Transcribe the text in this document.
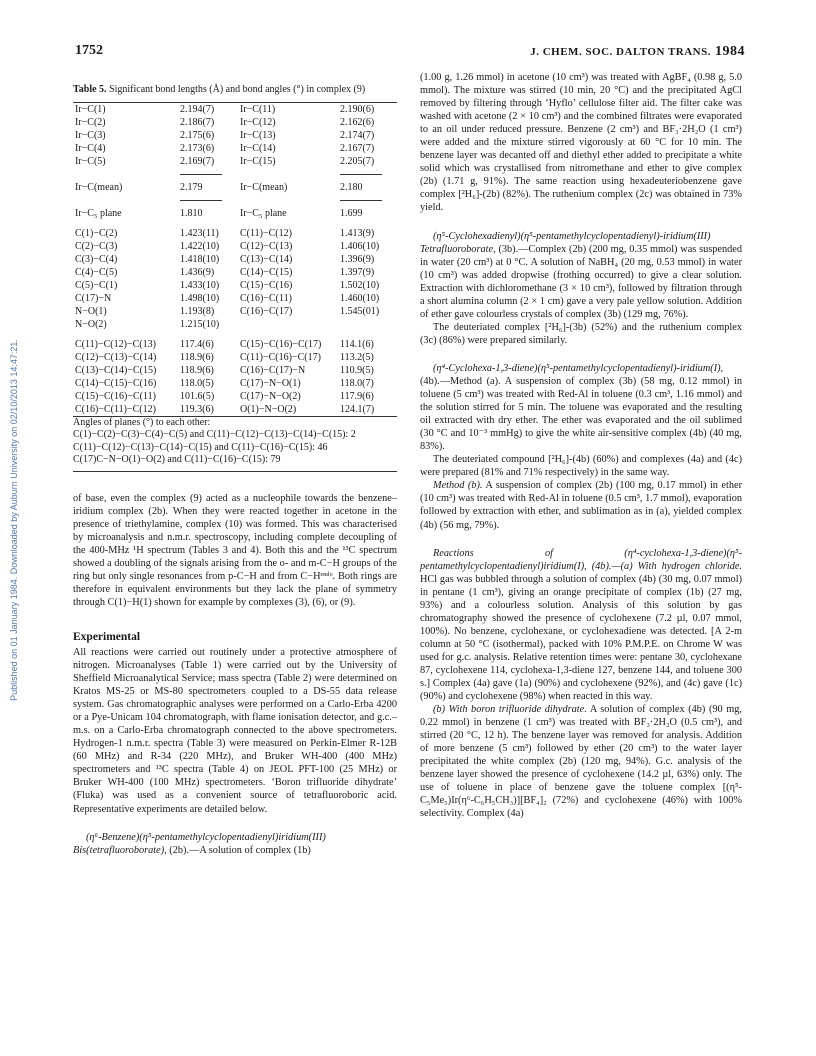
1752	J. CHEM. SOC. DALTON TRANS. 1984
Published on 01 January 1984. Downloaded by Auburn University on 02/10/2013 14:47:21.

Table 5. Significant bond lengths (Å) and bond angles (°) in complex (9)

Ir−C(1)	2.194(7)	Ir−C(11)	2.190(6)
Ir−C(2)	2.186(7)	Ir−C(12)	2.162(6)
Ir−C(3)	2.175(6)	Ir−C(13)	2.174(7)
Ir−C(4)	2.173(6)	Ir−C(14)	2.167(7)
Ir−C(5)	2.169(7)	Ir−C(15)	2.205(7)

Ir−C(mean)	2.179	Ir−C(mean)	2.180

Ir−C₅ plane	1.810	Ir−C₅ plane	1.699

C(1)−C(2)	1.423(11)	C(11)−C(12)	1.413(9)
C(2)−C(3)	1.422(10)	C(12)−C(13)	1.406(10)
C(3)−C(4)	1.418(10)	C(13)−C(14)	1.396(9)
C(4)−C(5)	1.436(9)	C(14)−C(15)	1.397(9)
C(5)−C(1)	1.433(10)	C(15)−C(16)	1.502(10)
C(17)−N	1.498(10)	C(16)−C(11)	1.460(10)
N−O(1)	1.193(8)	C(16)−C(17)	1.545(01)
N−O(2)	1.215(10)		

C(11)−C(12)−C(13)	117.4(6)	C(15)−C(16)−C(17)	114.1(6)
C(12)−C(13)−C(14)	118.9(6)	C(11)−C(16)−C(17)	113.2(5)
C(13)−C(14)−C(15)	118.9(6)	C(16)−C(17)−N	110.9(5)
C(14)−C(15)−C(16)	118.0(5)	C(17)−N−O(1)	118.0(7)
C(15)−C(16)−C(11)	101.6(5)	C(17)−N−O(2)	117.9(6)
C(16)−C(11)−C(12)	119.3(6)	O(1)−N−O(2)	124.1(7)
Angles of planes (°) to each other:
C(1)−C(2)−C(3)−C(4)−C(5) and C(11)−C(12)−C(13)−C(14)−C(15): 2
C(11)−C(12)−C(13)−C(14)−C(15) and C(11)−C(16)−C(15): 46
C(17)C−N−O(1)−O(2) and C(11)−C(16)−C(15): 79

of base, even the complex (9) acted as a nucleophile towards the benzene–iridium complex (2b). When they were reacted together in acetone in the presence of triethylamine, complex (10) was formed. This was characterised by microanalysis and n.m.r. spectroscopy, including complete decoupling of the 400-MHz ¹H spectrum (Tables 3 and 4). Both this and the ¹³C spectrum showed a doubling of the signals arising from the o- and m-C−H groups of the ring but only single resonances from p-C−H and from C−Hᵉⁿᵈᵒ. Both rings are therefore in equivalent environments but they lack the plane of symmetry through C(1)−H(1) shown for example by complexes (3), (6), or (9).

Experimental

All reactions were carried out routinely under a protective atmosphere of nitrogen. Microanalyses (Table 1) were carried out by the University of Sheffield Microanalytical Service; mass spectra (Table 2) were determined on Kratos MS-25 or MS-80 spectrometers coupled to a DS-55 data release system. Gas chromatographic analyses were performed on a Carlo-Erba 4200 or a Pye-Unicam 104 chromatograph, with flame ionisation detector, and g.c.–m.s. on a Carlo-Erba chromatograph connected to the above spectrometers. Hydrogen-1 n.m.r. spectra (Table 3) were measured on Perkin-Elmer R-12B (60 MHz) and R-34 (220 MHz), and Bruker WH-400 (400 MHz) spectrometers and ¹³C spectra (Table 4) on JEOL PFT-100 (25 MHz) or Bruker WH-400 (100 MHz) spectrometers. ‘Boron trifluoride dihydrate’ (Fluka) was used as a convenient source of tetrafluoroboric acid. Representative experiments are detailed below.

(η⁶-Benzene)(η⁵-pentamethylcyclopentadienyl)iridium(III) Bis(tetrafluoroborate), (2b).—A solution of complex (1b)

(1.00 g, 1.26 mmol) in acetone (10 cm³) was treated with AgBF₄ (0.98 g, 5.0 mmol). The mixture was stirred (10 min, 20 °C) and the precipitated AgCl removed by filtering through ‘Hyflo’ cellulose filter aid. The filter cake was washed with acetone (2 × 10 cm³) and the combined filtrates were evaporated to an oil under reduced pressure. Benzene (2 cm³) and BF₃·2H₂O (1 cm³) were added and the mixture stirred vigorously at 60 °C for 10 min. The benzene layer was decanted off and diethyl ether added to precipitate a white solid which was crystallised from nitromethane and ether to give complex (2b) (1.71 g, 91%). The same reaction using hexadeuteriobenzene gave complex [²H₆]-(2b) (82%). The ruthenium complex (2c) was obtained in 73% yield.

(η⁵-Cyclohexadienyl)(η⁵-pentamethylcyclopentadienyl)-iridium(III) Tetrafluoroborate, (3b).—Complex (2b) (200 mg, 0.35 mmol) was suspended in water (20 cm³) at 0 °C. A solution of NaBH₄ (20 mg, 0.53 mmol) in water (10 cm³) was added dropwise (frothing occurred) to give a clear solution. Extraction with dichloromethane (3 × 10 cm³), followed by filtration through a short alumina column (2 × 1 cm) gave a very pale yellow solution. Addition of ether gave colourless crystals of complex (3b) (129 mg, 76%).

The deuteriated complex [²H₆]-(3b) (52%) and the ruthenium complex (3c) (86%) were prepared similarly.

(η⁴-Cyclohexa-1,3-diene)(η⁵-pentamethylcyclopentadienyl)-iridium(I), (4b).—Method (a). A suspension of complex (3b) (58 mg, 0.12 mmol) in toluene (5 cm³) was treated with Red-Al in toluene (0.3 cm³, 1.16 mmol) and the solution stirred for 5 min. The toluene was evaporated and the resulting oil extracted with dry ether. The ether was evaporated and the oil sublimed (30 °C and 10⁻³ mmHg) to give the white air-sensitive complex (4b) (40 mg, 83%).

The deuteriated compound [²H₆]-(4b) (60%) and complexes (4a) and (4c) were prepared (81% and 71% respectively) in the same way.

Method (b). A suspension of complex (2b) (100 mg, 0.17 mmol) in ether (10 cm³) was treated with Red-Al in toluene (0.5 cm³, 1.7 mmol), evaporation followed by extraction with ether, and sublimation as in (a), yielded complex (4b) (56 mg, 79%).

Reactions of (η⁴-cyclohexa-1,3-diene)(η⁵-pentamethylcyclopentadienyl)iridium(I), (4b).—(a) With hydrogen chloride. HCl gas was bubbled through a solution of complex (4b) (30 mg, 0.07 mmol) in pentane (1 cm³), giving an orange precipitate of complex (1b) (27 mg, 93%) and a colourless solution. Analysis of this solution by gas chromatography showed the presence of cyclohexene (7.2 µl, 0.07 mmol, 100%). No benzene, cyclohexane, or cyclohexadiene was detected. [A 2-m column at 50 °C (isothermal), packed with 10% P.M.P.E. on Chrome W was used for g.c. analysis. Relative retention times were: pentane 30, cyclohexane 87, cyclohexene 114, cyclohexa-1,3-diene 127, benzene 144, and toluene 300 s.] Complex (4a) gave (1a) (90%) and cyclohexene (92%), and (4c) gave (1c) (90%) and cyclohexene (98%) when reacted in this way.

(b) With boron trifluoride dihydrate. A solution of complex (4b) (90 mg, 0.22 mmol) in benzene (1 cm³) was treated with BF₃·2H₂O (0.5 cm³), and stirred (20 °C, 12 h). The benzene layer was removed for analysis. Addition of more benzene (5 cm³) followed by ether (20 cm³) to the water layer precipitated the white complex (2b) (120 mg, 94%). G.c. analysis of the benzene layer showed the presence of cyclohexene (14.2 µl, 63%) only. The use of toluene in place of benzene gave the toluene complex [(η⁵-C₅Me₅)Ir(η⁶-C₆H₅CH₃)][BF₄]₂ (72%) and cyclohexene (46%) with 100% selectivity. Complex (4a)
